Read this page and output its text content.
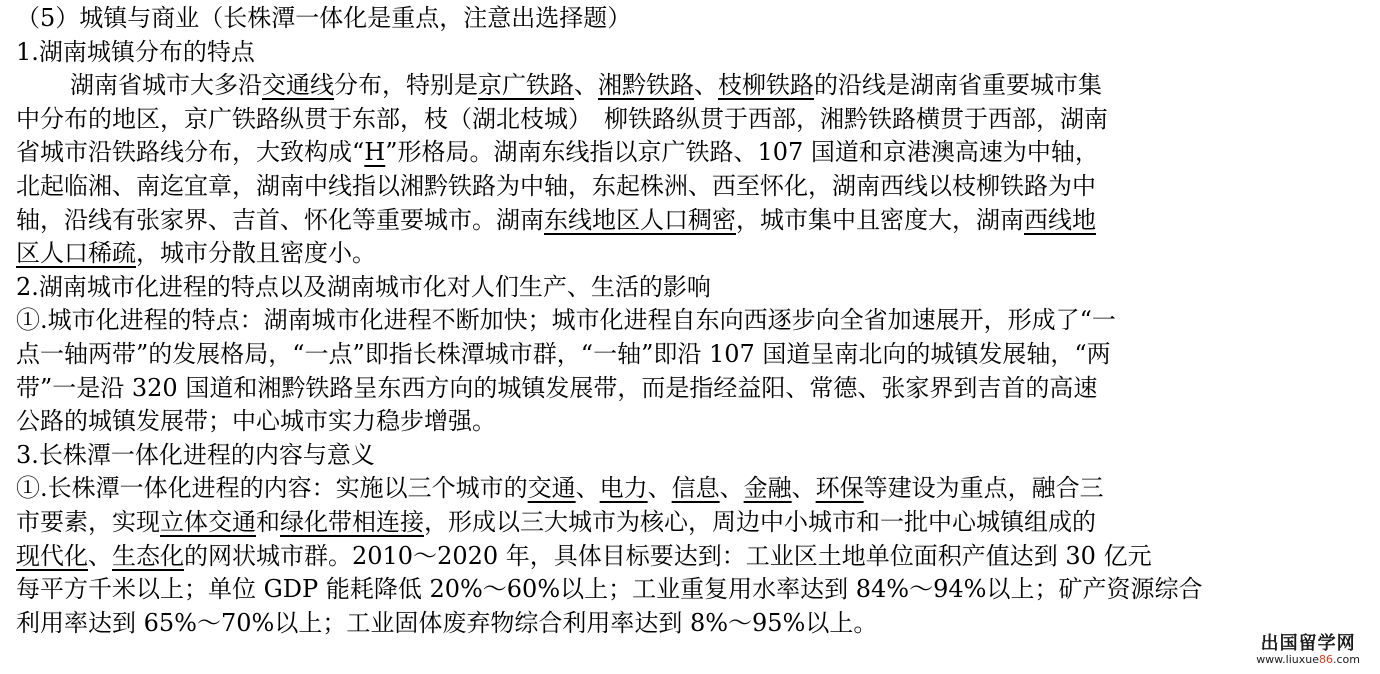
（5）城镇与商业（长株潭一体化是重点，注意出选择题）
1.湖南城镇分布的特点
湖南省城市大多沿交通线分布，特别是京广铁路、湘黔铁路、枝柳铁路的沿线是湖南省重要城市集
中分布的地区，京广铁路纵贯于东部，枝（湖北枝城）　柳铁路纵贯于西部，湘黔铁路横贯于西部，湖南
省城市沿铁路线分布，大致构成“H”形格局。湖南东线指以京广铁路、107 国道和京港澳高速为中轴，
北起临湘、南迄宜章，湖南中线指以湘黔铁路为中轴，东起株洲、西至怀化，湖南西线以枝柳铁路为中
轴，沿线有张家界、吉首、怀化等重要城市。湖南东线地区人口稠密，城市集中且密度大，湖南西线地
区人口稀疏，城市分散且密度小。
2.湖南城市化进程的特点以及湖南城市化对人们生产、生活的影响
①.城市化进程的特点：湖南城市化进程不断加快；城市化进程自东向西逐步向全省加速展开，形成了“一
点一轴两带”的发展格局，“一点”即指长株潭城市群，“一轴”即沿 107 国道呈南北向的城镇发展轴，“两
带”一是沿 320 国道和湘黔铁路呈东西方向的城镇发展带，而是指经益阳、常德、张家界到吉首的高速
公路的城镇发展带；中心城市实力稳步增强。
3.长株潭一体化进程的内容与意义
①.长株潭一体化进程的内容：实施以三个城市的交通、电力、信息、金融、环保等建设为重点，融合三
市要素，实现立体交通和绿化带相连接，形成以三大城市为核心，周边中小城市和一批中心城镇组成的
现代化、生态化的网状城市群。2010～2020 年，具体目标要达到：工业区土地单位面积产值达到 30 亿元
每平方千米以上；单位 GDP 能耗降低 20%～60%以上；工业重复用水率达到 84%～94%以上；矿产资源综合
利用率达到 65%～70%以上；工业固体废弃物综合利用率达到 8%～95%以上。
出国留学网
www.liuxue86.com
